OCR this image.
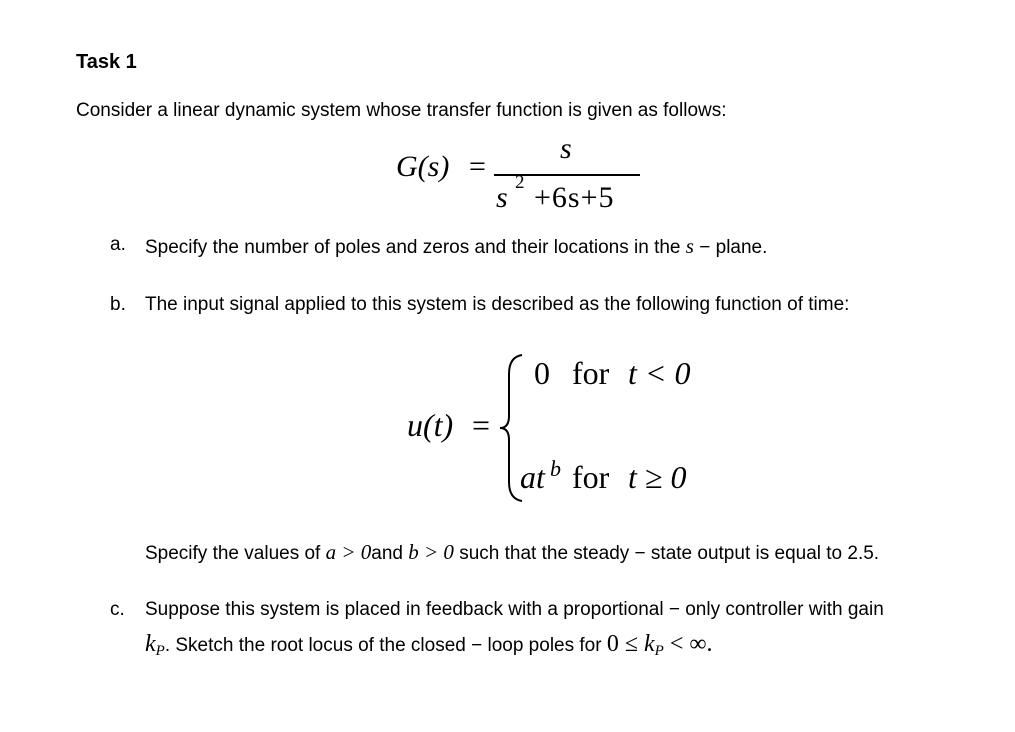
Task 1
Consider a linear dynamic system whose transfer function is given as follows:
G(s) =
s
s 2 +6s+5
a. Specify the number of poles and zeros and their locations in the s − plane.
b. The input signal applied to this system is described as the following function of time:
u(t) =
0 for t < 0
at b for t ≥ 0
Specify the values of a > 0and b > 0 such that the steady − state output is equal to 2.5.
c. Suppose this system is placed in feedback with a proportional − only controller with gain
$k_P$. Sketch the root locus of the closed − loop poles for $0 \le k_P$ < ∞.
